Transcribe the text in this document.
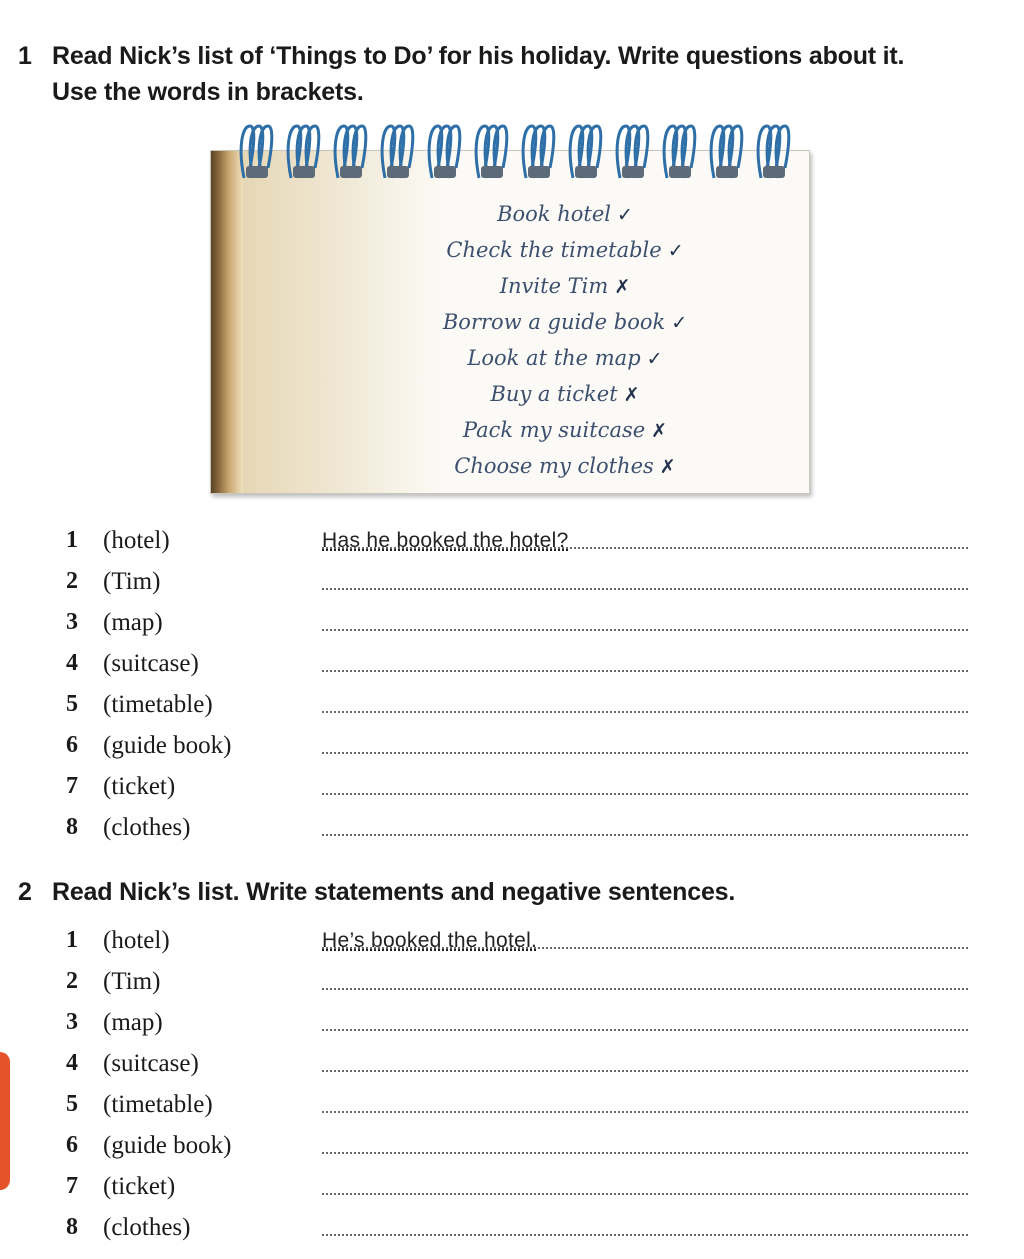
1 Read Nick’s list of ‘Things to Do’ for his holiday. Write questions about it.
Use the words in brackets.
Book hotel ✓
Check the timetable ✓
Invite Tim ✗
Borrow a guide book ✓
Look at the map ✓
Buy a ticket ✗
Pack my suitcase ✗
Choose my clothes ✗
1	(hotel)	Has he booked the hotel?
2	(Tim)
3	(map)
4	(suitcase)
5	(timetable)
6	(guide book)
7	(ticket)
8	(clothes)
2 Read Nick’s list. Write statements and negative sentences.
1	(hotel)	He’s booked the hotel.
2	(Tim)
3	(map)
4	(suitcase)
5	(timetable)
6	(guide book)
7	(ticket)
8	(clothes)
